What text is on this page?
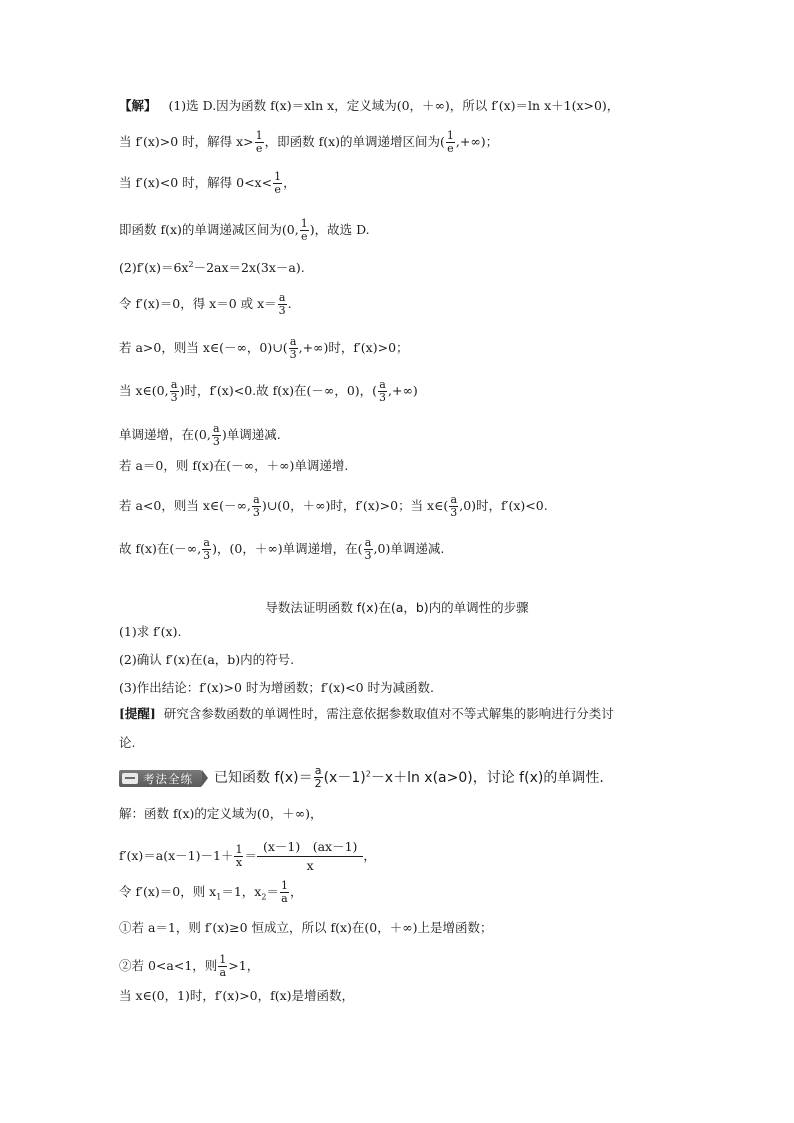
【解】 (1)选 D.因为函数 f(x)＝xln x，定义域为(0，＋∞)，所以 f′(x)＝ln x＋1(x>0)，
当 f′(x)>0 时，解得 $x> \frac{1}{e}$ ，即函数 f(x)的单调递增区间为( $\frac{1}{e}$ ,+∞)；
当 f′(x)<0 时，解得 $0<x< \frac{1}{e}$ ，
即函数 f(x)的单调递减区间为(0, $\frac{1}{e}$ )，故选 D.
$(2)f'(x)=6x^2-2ax=2x(3x-a)$.
令 f′(x)＝0，得 x＝0 或 $x= \frac{a}{3}$ .
若 a>0，则当 x∈(－∞，0)∪( $\frac{a}{3}$ ,+∞)时，f′(x)>0；
当 x∈(0, $\frac{a}{3}$ )时，f′(x)<0.故 f(x)在(－∞，0)，( $\frac{a}{3}$ ,+∞)
单调递增，在(0, $\frac{a}{3}$ )单调递减.
若 a＝0，则 f(x)在(－∞，＋∞)单调递增.
若 a<0，则当 x∈(－∞, $\frac{a}{3}$ )∪(0，＋∞)时，f′(x)>0；当 x∈( $\frac{a}{3} ,0$)时，f′(x)<0.
故 f(x)在(－∞, $\frac{a}{3}$ )，(0，＋∞)单调递增，在( $\frac{a}{3} ,0$)单调递减.
导数法证明函数 f(x)在(a，b)内的单调性的步骤
(1)求 f′(x).
(2)确认 f′(x)在(a，b)内的符号.
(3)作出结论：f′(x)>0 时为增函数；f′(x)<0 时为减函数.
[提醒] 研究含参数函数的单调性时，需注意依据参数取值对不等式解集的影响进行分类讨
论.
考法全练 已知函数 $f(x)= \frac{a}{2} (x-1)^2-x+\ln$ x(a>0)，讨论 f(x)的单调性.
解：函数 f(x)的定义域为(0，＋∞)，
$f'(x)=a(x-1)-1+ \frac{1}{x} = \frac{(x-1) (ax-1)}{x}$ ，
令 f′(x)＝0，则 $x_1=1$，$x_2= \frac{1}{a}$ ，
①若 a＝1，则 f′(x)≥0 恒成立，所以 f(x)在(0，＋∞)上是增函数；
②若 0<a<1，则 $\frac{1}{a} >1$，
当 x∈(0，1)时，f′(x)>0，f(x)是增函数，
